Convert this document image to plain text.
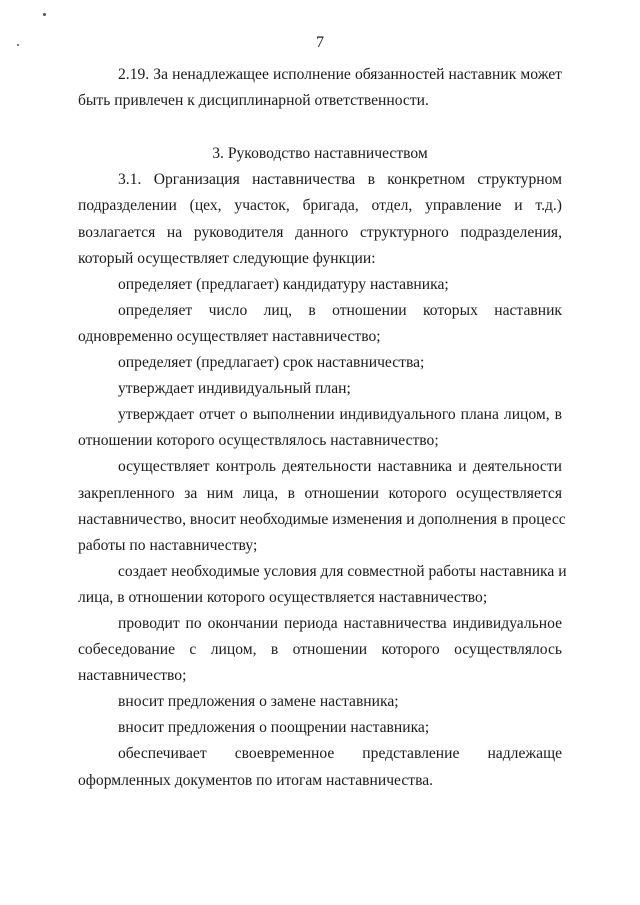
7
2.19. За ненадлежащее исполнение обязанностей наставник может
быть привлечен к дисциплинарной ответственности.
3. Руководство наставничеством
3.1. Организация наставничества в конкретном структурном
подразделении (цех, участок, бригада, отдел, управление и т.д.)
возлагается на руководителя данного структурного подразделения,
который осуществляет следующие функции:
определяет (предлагает) кандидатуру наставника;
определяет число лиц, в отношении которых наставник
одновременно осуществляет наставничество;
определяет (предлагает) срок наставничества;
утверждает индивидуальный план;
утверждает отчет о выполнении индивидуального плана лицом, в
отношении которого осуществлялось наставничество;
осуществляет контроль деятельности наставника и деятельности
закрепленного за ним лица, в отношении которого осуществляется
наставничество, вносит необходимые изменения и дополнения в процесс
работы по наставничеству;
создает необходимые условия для совместной работы наставника и
лица, в отношении которого осуществляется наставничество;
проводит по окончании периода наставничества индивидуальное
собеседование с лицом, в отношении которого осуществлялось
наставничество;
вносит предложения о замене наставника;
вносит предложения о поощрении наставника;
обеспечивает своевременное представление надлежаще
оформленных документов по итогам наставничества.
